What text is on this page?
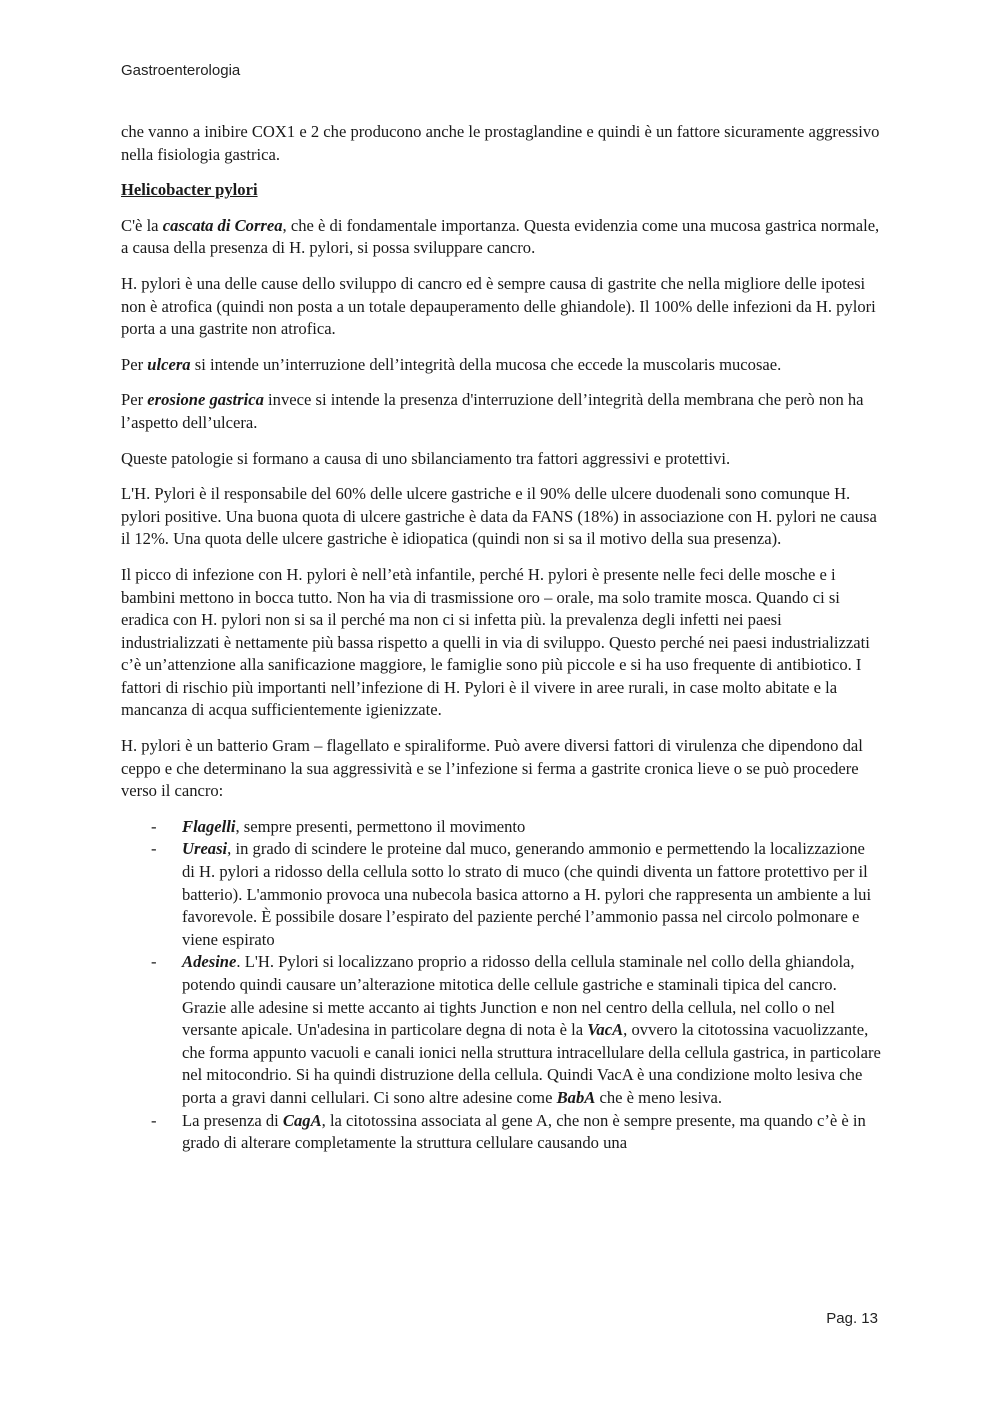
Gastroenterologia

che vanno a inibire COX1 e 2 che producono anche le prostaglandine e quindi è un fattore sicuramente aggressivo nella fisiologia gastrica.

Helicobacter pylori

C'è la cascata di Correa, che è di fondamentale importanza. Questa evidenzia come una mucosa gastrica normale, a causa della presenza di H. pylori, si possa sviluppare cancro.

H. pylori è una delle cause dello sviluppo di cancro ed è sempre causa di gastrite che nella migliore delle ipotesi non è atrofica (quindi non posta a un totale depauperamento delle ghiandole). Il 100% delle infezioni da H. pylori porta a una gastrite non atrofica.

Per ulcera si intende un’interruzione dell’integrità della mucosa che eccede la muscolaris mucosae.

Per erosione gastrica invece si intende la presenza d'interruzione dell’integrità della membrana che però non ha l’aspetto dell’ulcera.

Queste patologie si formano a causa di uno sbilanciamento tra fattori aggressivi e protettivi.

L'H. Pylori è il responsabile del 60% delle ulcere gastriche e il 90% delle ulcere duodenali sono comunque H. pylori positive. Una buona quota di ulcere gastriche è data da FANS (18%) in associazione con H. pylori ne causa il 12%. Una quota delle ulcere gastriche è idiopatica (quindi non si sa il motivo della sua presenza).

Il picco di infezione con H. pylori è nell’età infantile, perché H. pylori è presente nelle feci delle mosche e i bambini mettono in bocca tutto. Non ha via di trasmissione oro – orale, ma solo tramite mosca. Quando ci si eradica con H. pylori non si sa il perché ma non ci si infetta più. la prevalenza degli infetti nei paesi industrializzati è nettamente più bassa rispetto a quelli in via di sviluppo. Questo perché nei paesi industrializzati c’è un’attenzione alla sanificazione maggiore, le famiglie sono più piccole e si ha uso frequente di antibiotico. I fattori di rischio più importanti nell’infezione di H. Pylori è il vivere in aree rurali, in case molto abitate e la mancanza di acqua sufficientemente igienizzate.

H. pylori è un batterio Gram – flagellato e spiraliforme. Può avere diversi fattori di virulenza che dipendono dal ceppo e che determinano la sua aggressività e se l’infezione si ferma a gastrite cronica lieve o se può procedere verso il cancro:

- Flagelli, sempre presenti, permettono il movimento
- Ureasi, in grado di scindere le proteine dal muco, generando ammonio e permettendo la localizzazione di H. pylori a ridosso della cellula sotto lo strato di muco (che quindi diventa un fattore protettivo per il batterio). L'ammonio provoca una nubecola basica attorno a H. pylori che rappresenta un ambiente a lui favorevole. È possibile dosare l’espirato del paziente perché l’ammonio passa nel circolo polmonare e viene espirato
- Adesine. L'H. Pylori si localizzano proprio a ridosso della cellula staminale nel collo della ghiandola, potendo quindi causare un’alterazione mitotica delle cellule gastriche e staminali tipica del cancro. Grazie alle adesine si mette accanto ai tights Junction e non nel centro della cellula, nel collo o nel versante apicale. Un'adesina in particolare degna di nota è la VacA, ovvero la citotossina vacuolizzante, che forma appunto vacuoli e canali ionici nella struttura intracellulare della cellula gastrica, in particolare nel mitocondrio. Si ha quindi distruzione della cellula. Quindi VacA è una condizione molto lesiva che porta a gravi danni cellulari. Ci sono altre adesine come BabA che è meno lesiva.
- La presenza di CagA, la citotossina associata al gene A, che non è sempre presente, ma quando c’è è in grado di alterare completamente la struttura cellulare causando una
Pag. 13
